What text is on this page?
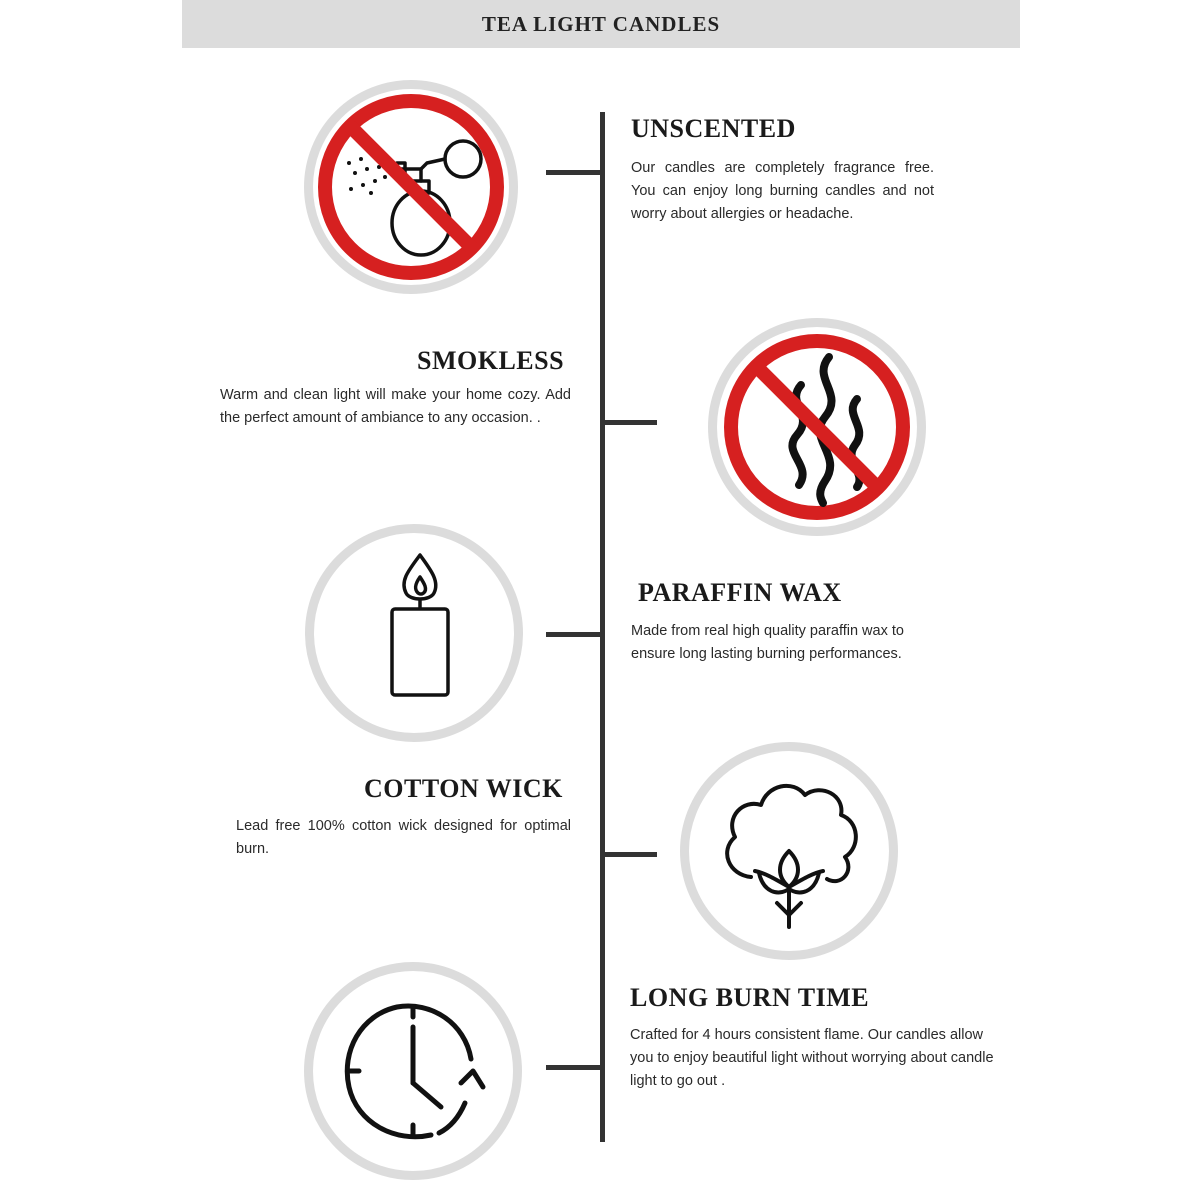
TEA LIGHT CANDLES
UNSCENTED
Our candles are completely fragrance free. You can enjoy long burning candles and not worry about allergies or headache.
SMOKLESS
Warm and clean light will make your home cozy. Add the perfect amount of ambiance to any occasion. .
PARAFFIN WAX
Made from real high quality paraffin wax to ensure long lasting burning performances.
COTTON WICK
Lead free 100% cotton wick designed for optimal burn.
LONG BURN TIME
Crafted for 4 hours consistent flame. Our candles allow you to enjoy beautiful light without worrying about candle light to go out .
